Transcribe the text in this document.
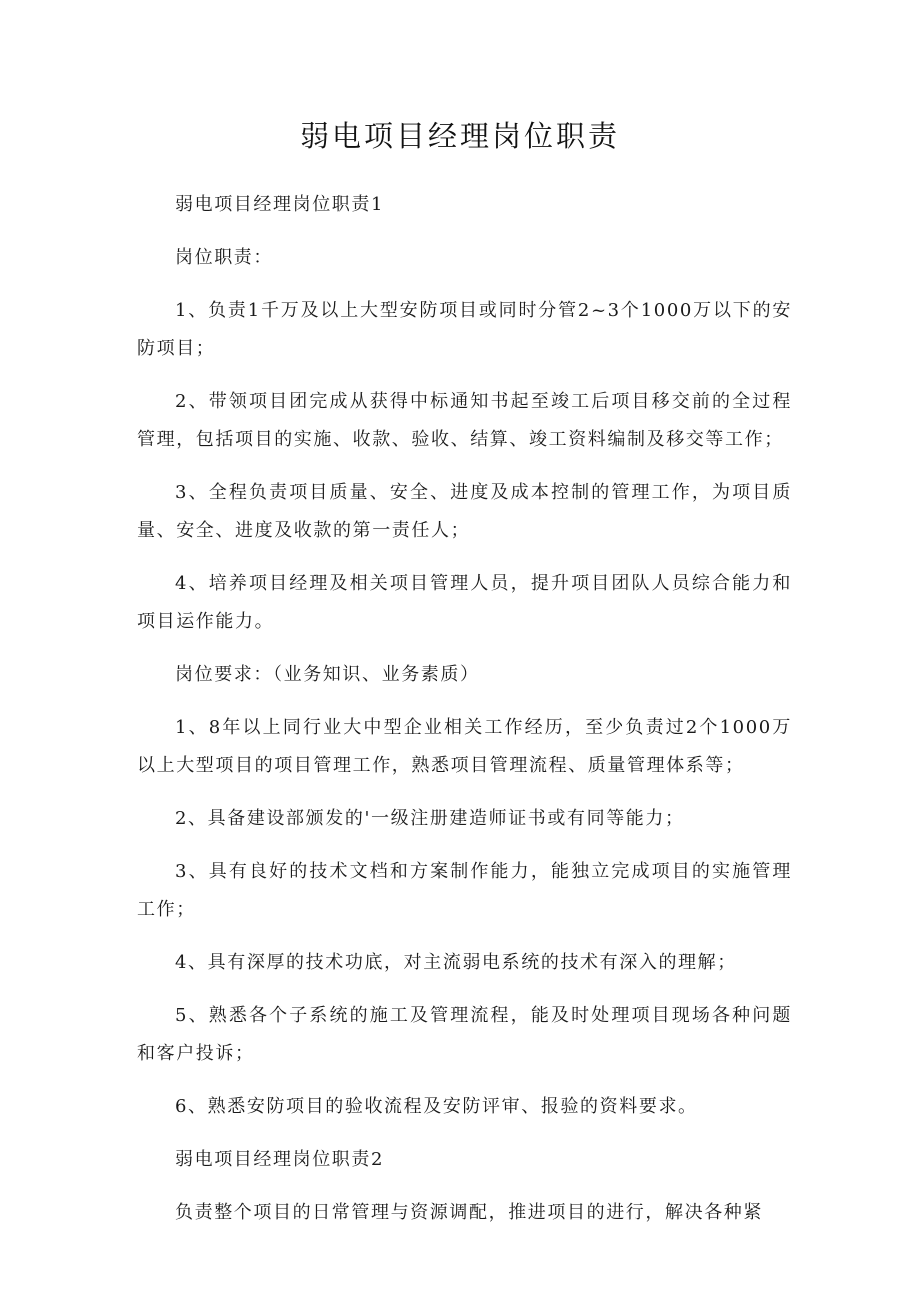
弱电项目经理岗位职责

弱电项目经理岗位职责1

岗位职责：

1、负责1千万及以上大型安防项目或同时分管2~3个1000万以下的安防项目；

2、带领项目团完成从获得中标通知书起至竣工后项目移交前的全过程管理，包括项目的实施、收款、验收、结算、竣工资料编制及移交等工作；

3、全程负责项目质量、安全、进度及成本控制的管理工作，为项目质量、安全、进度及收款的第一责任人；

4、培养项目经理及相关项目管理人员，提升项目团队人员综合能力和项目运作能力。

岗位要求：（业务知识、业务素质）

1、8年以上同行业大中型企业相关工作经历，至少负责过2个1000万以上大型项目的项目管理工作，熟悉项目管理流程、质量管理体系等；

2、具备建设部颁发的'一级注册建造师证书或有同等能力；

3、具有良好的技术文档和方案制作能力，能独立完成项目的实施管理工作；

4、具有深厚的技术功底，对主流弱电系统的技术有深入的理解；

5、熟悉各个子系统的施工及管理流程，能及时处理项目现场各种问题和客户投诉；

6、熟悉安防项目的验收流程及安防评审、报验的资料要求。

弱电项目经理岗位职责2

负责整个项目的日常管理与资源调配，推进项目的进行，解决各种紧
